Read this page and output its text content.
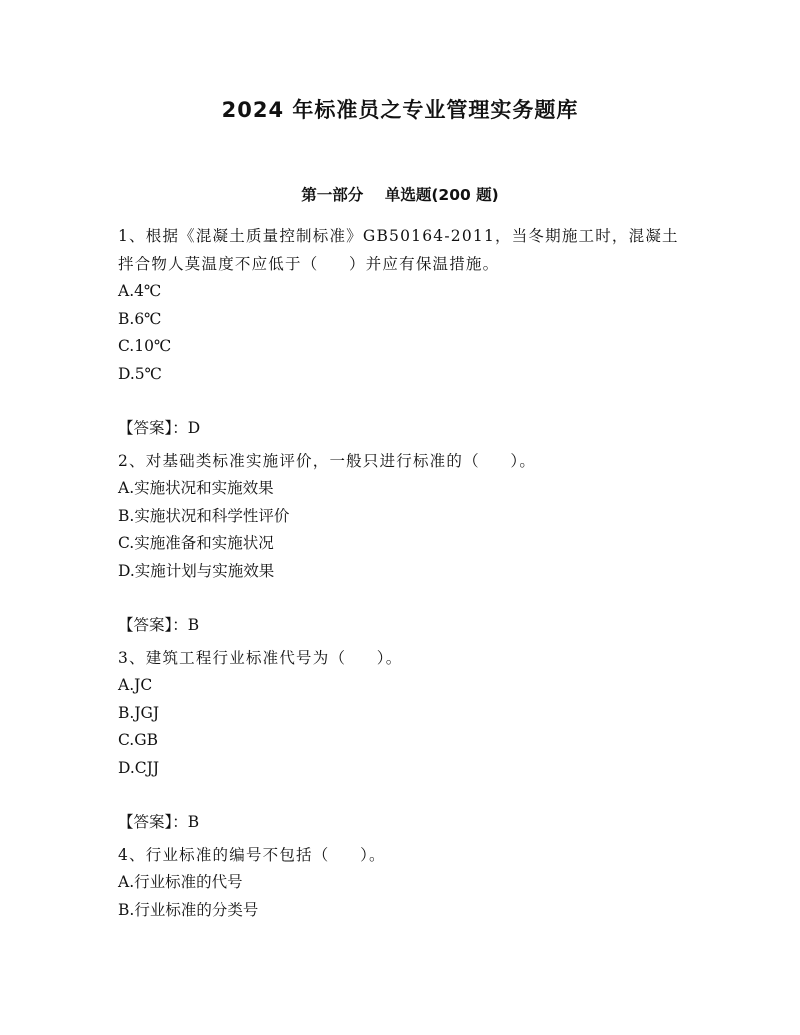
2024 年标准员之专业管理实务题库
第一部分    单选题(200 题)

1、根据《混凝土质量控制标准》GB50164-2011，当冬期施工时，混凝土拌合物人莫温度不应低于（     ）并应有保温措施。

A.4℃
B.6℃
C.10℃
D.5℃

【答案】：D

2、对基础类标准实施评价，一般只进行标准的（     ）。

A.实施状况和实施效果
B.实施状况和科学性评价
C.实施准备和实施状况
D.实施计划与实施效果

【答案】：B

3、建筑工程行业标准代号为（     ）。

A.JC
B.JGJ
C.GB
D.CJJ

【答案】：B

4、行业标准的编号不包括（     ）。

A.行业标准的代号
B.行业标准的分类号
